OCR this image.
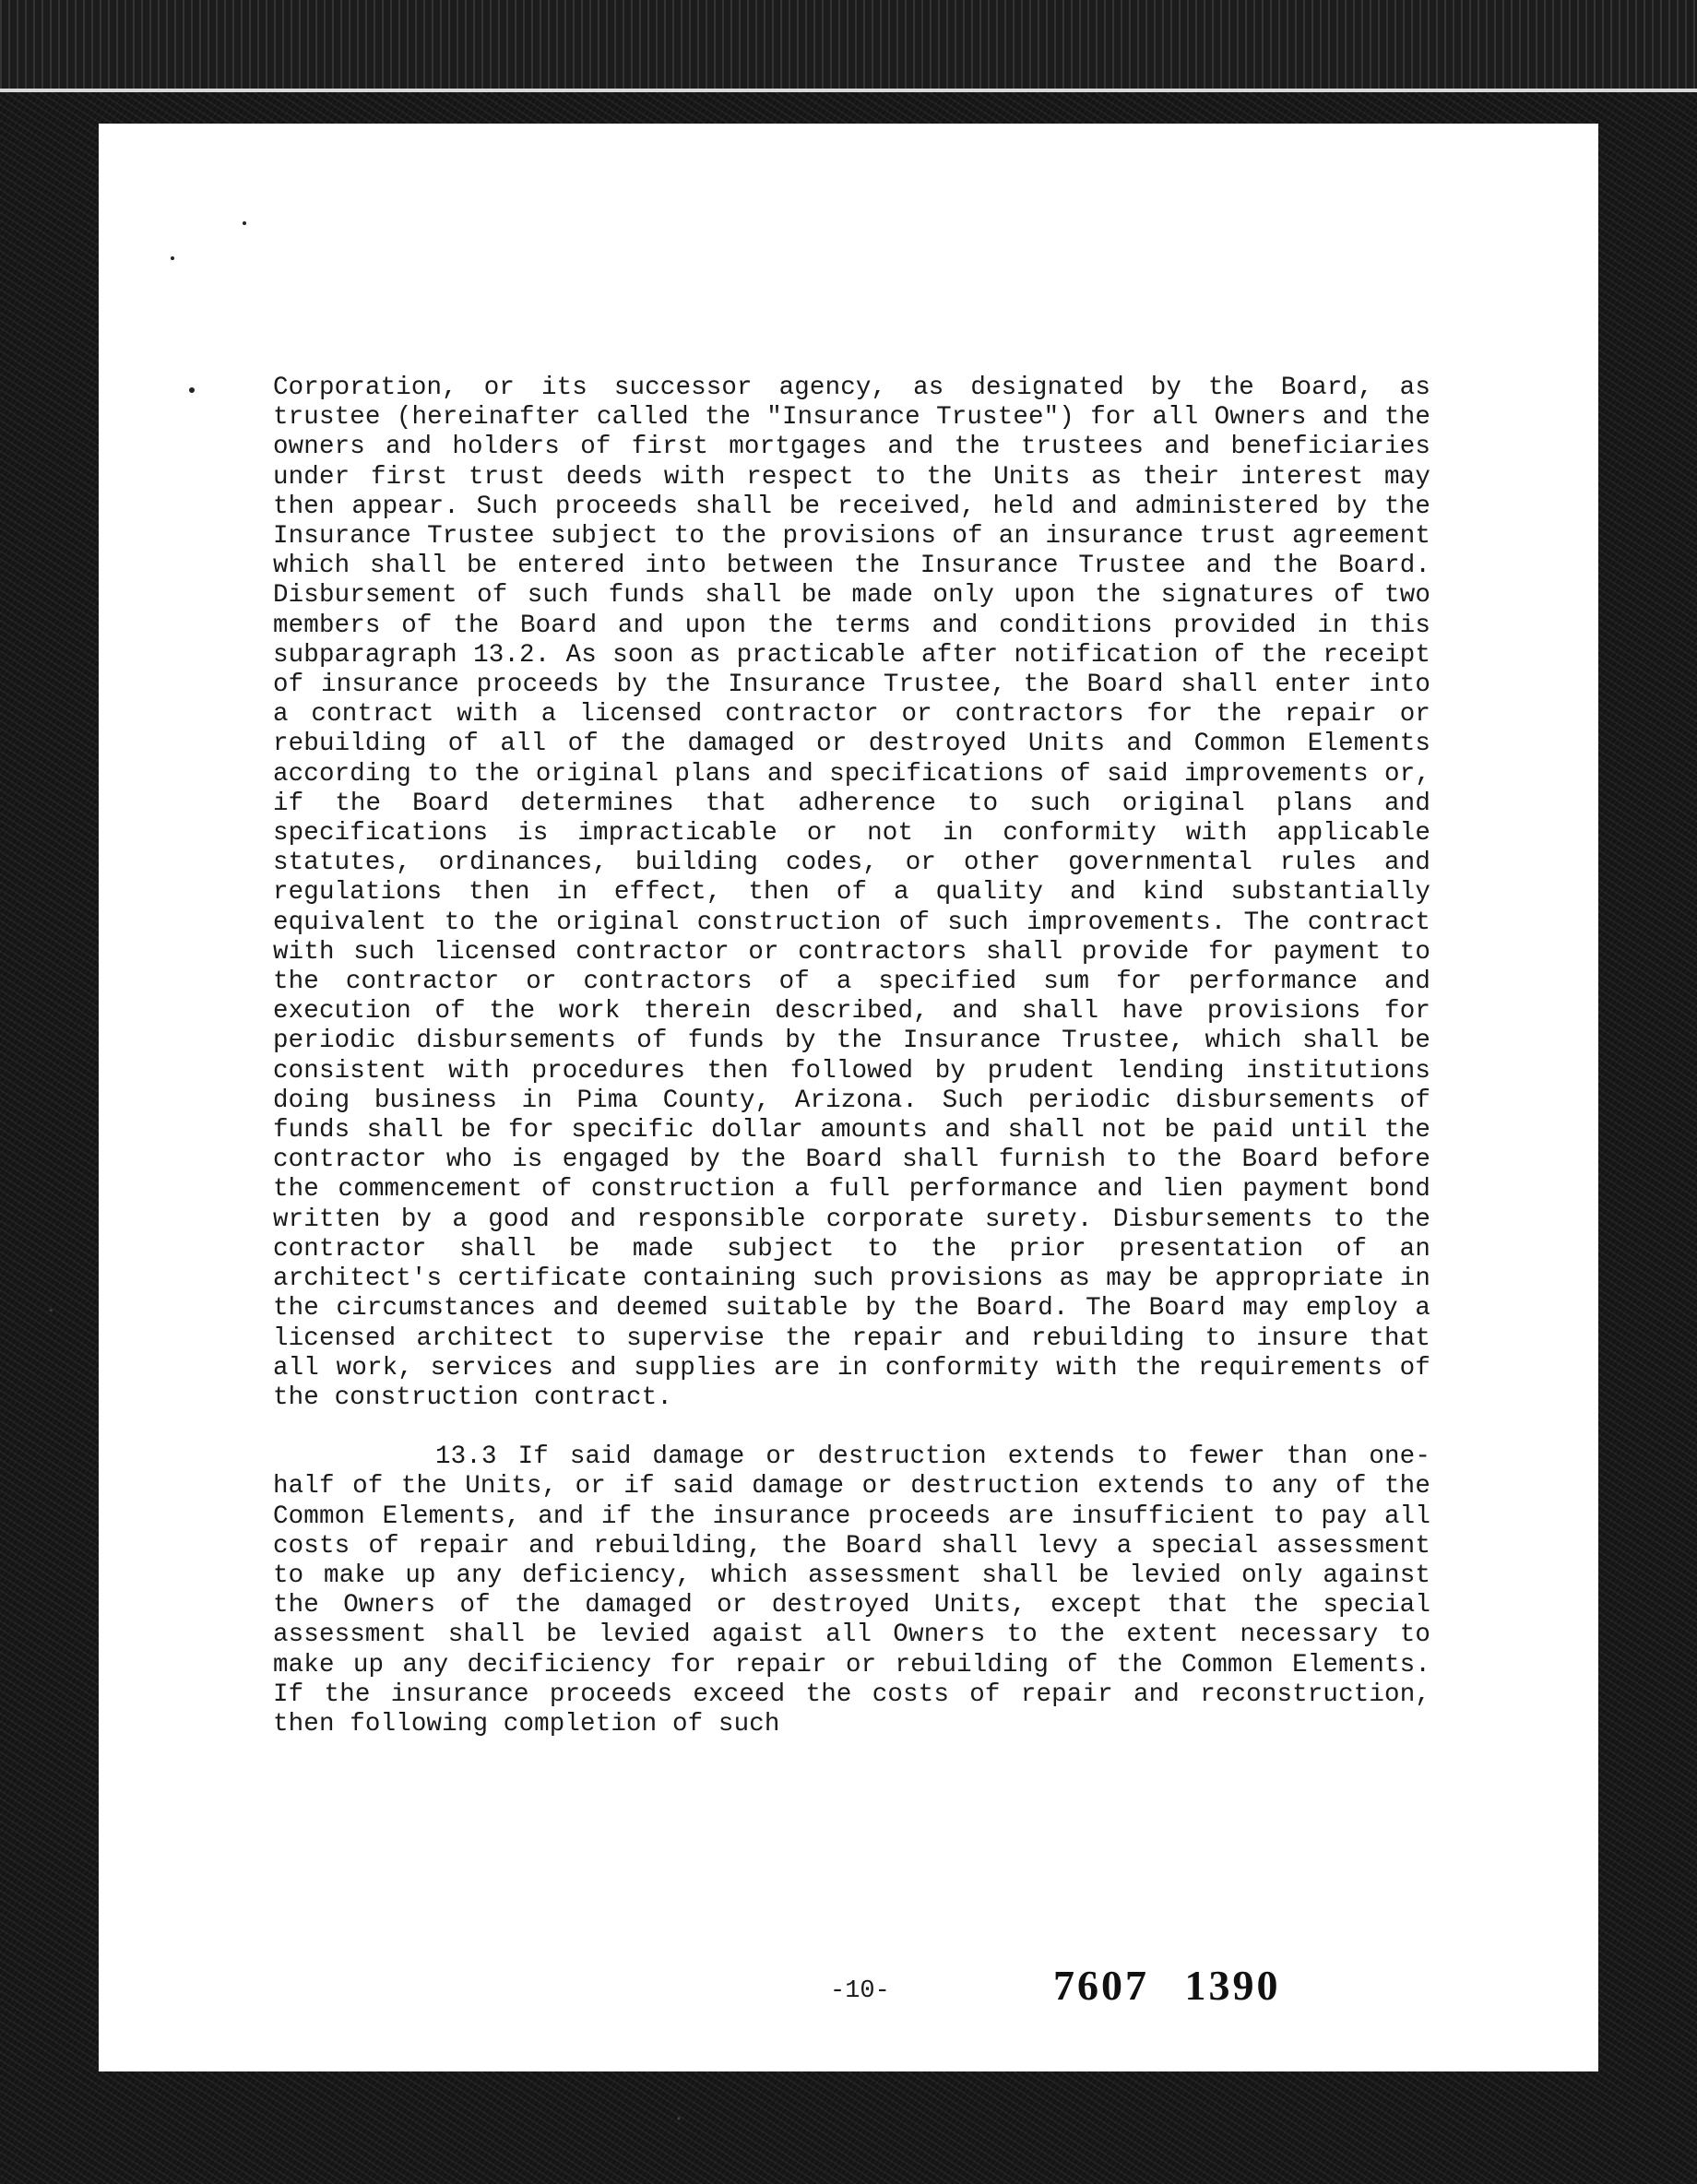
Corporation, or its successor agency, as designated by the Board, as trustee (hereinafter called the "Insurance Trustee") for all Owners and the owners and holders of first mortgages and the trustees and beneficiaries under first trust deeds with respect to the Units as their interest may then appear. Such proceeds shall be received, held and administered by the Insurance Trustee subject to the provisions of an insurance trust agreement which shall be entered into between the Insurance Trustee and the Board. Disbursement of such funds shall be made only upon the signatures of two members of the Board and upon the terms and conditions provided in this subparagraph 13.2. As soon as practicable after notification of the receipt of insurance proceeds by the Insurance Trustee, the Board shall enter into a contract with a licensed contractor or contractors for the repair or rebuilding of all of the damaged or destroyed Units and Common Elements according to the original plans and specifications of said improvements or, if the Board determines that adherence to such original plans and specifications is impracticable or not in conformity with applicable statutes, ordinances, building codes, or other governmental rules and regulations then in effect, then of a quality and kind substantially equivalent to the original construction of such improvements. The contract with such licensed contractor or contractors shall provide for payment to the contractor or contractors of a specified sum for performance and execution of the work therein described, and shall have provisions for periodic disbursements of funds by the Insurance Trustee, which shall be consistent with procedures then followed by prudent lending institutions doing business in Pima County, Arizona. Such periodic disbursements of funds shall be for specific dollar amounts and shall not be paid until the contractor who is engaged by the Board shall furnish to the Board before the commencement of construction a full performance and lien payment bond written by a good and responsible corporate surety. Disbursements to the contractor shall be made subject to the prior presentation of an architect's certificate containing such provisions as may be appropriate in the circumstances and deemed suitable by the Board. The Board may employ a licensed architect to supervise the repair and rebuilding to insure that all work, services and supplies are in conformity with the requirements of the construction contract.

13.3 If said damage or destruction extends to fewer than one-half of the Units, or if said damage or destruction extends to any of the Common Elements, and if the insurance proceeds are insufficient to pay all costs of repair and rebuilding, the Board shall levy a special assessment to make up any deficiency, which assessment shall be levied only against the Owners of the damaged or destroyed Units, except that the special assessment shall be levied agaist all Owners to the extent necessary to make up any decificiency for repair or rebuilding of the Common Elements. If the insurance proceeds exceed the costs of repair and reconstruction, then following completion of such

-10-	7607 1390
